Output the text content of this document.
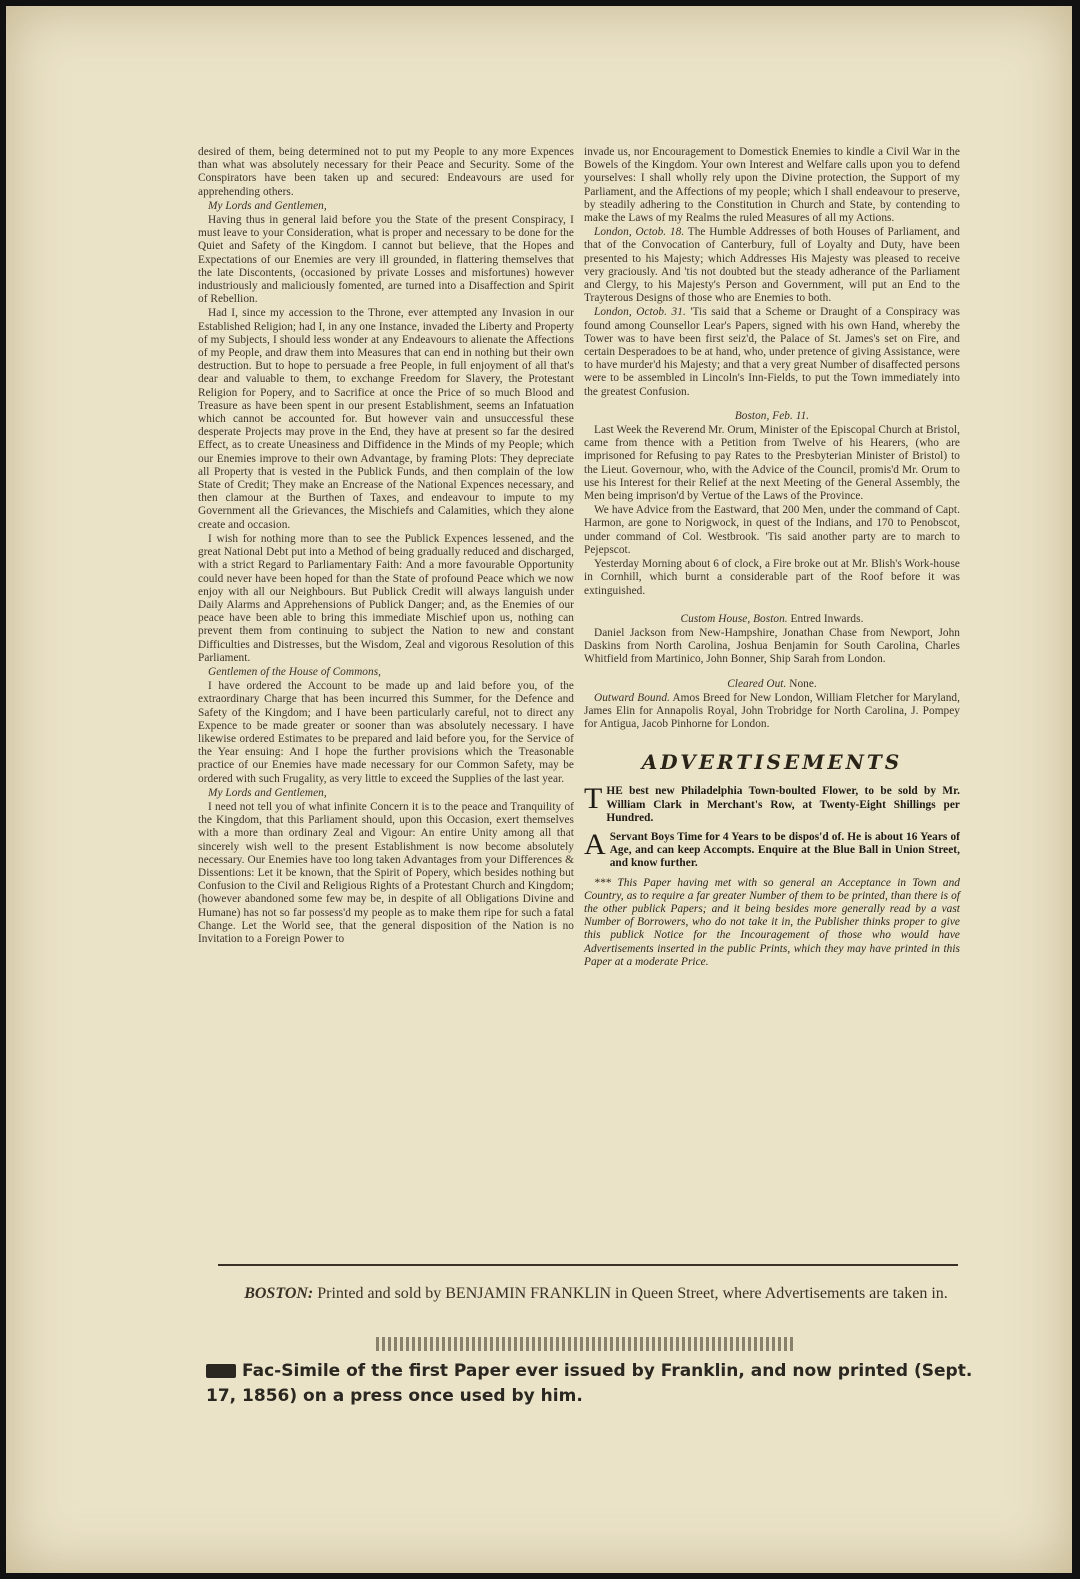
desired of them, being determined not to put my People to any more Expences than what was absolutely necessary for their Peace and Security. Some of the Conspirators have been taken up and secured: Endeavours are used for apprehending others.

My Lords and Gentlemen,

Having thus in general laid before you the State of the present Conspiracy, I must leave to your Consideration, what is proper and necessary to be done for the Quiet and Safety of the Kingdom. I cannot but believe, that the Hopes and Expectations of our Enemies are very ill grounded, in flattering themselves that the late Discontents, (occasioned by private Losses and misfortunes) however industriously and maliciously fomented, are turned into a Disaffection and Spirit of Rebellion.

Had I, since my accession to the Throne, ever attempted any Invasion in our Established Religion; had I, in any one Instance, invaded the Liberty and Property of my Subjects, I should less wonder at any Endeavours to alienate the Affections of my People, and draw them into Measures that can end in nothing but their own destruction. But to hope to persuade a free People, in full enjoyment of all that's dear and valuable to them, to exchange Freedom for Slavery, the Protestant Religion for Popery, and to Sacrifice at once the Price of so much Blood and Treasure as have been spent in our present Establishment, seems an Infatuation which cannot be accounted for. But however vain and unsuccessful these desperate Projects may prove in the End, they have at present so far the desired Effect, as to create Uneasiness and Diffidence in the Minds of my People; which our Enemies improve to their own Advantage, by framing Plots: They depreciate all Property that is vested in the Publick Funds, and then complain of the low State of Credit; They make an Encrease of the National Expences necessary, and then clamour at the Burthen of Taxes, and endeavour to impute to my Government all the Grievances, the Mischiefs and Calamities, which they alone create and occasion.

I wish for nothing more than to see the Publick Expences lessened, and the great National Debt put into a Method of being gradually reduced and discharged, with a strict Regard to Parliamentary Faith: And a more favourable Opportunity could never have been hoped for than the State of profound Peace which we now enjoy with all our Neighbours. But Publick Credit will always languish under Daily Alarms and Apprehensions of Publick Danger; and, as the Enemies of our peace have been able to bring this immediate Mischief upon us, nothing can prevent them from continuing to subject the Nation to new and constant Difficulties and Distresses, but the Wisdom, Zeal and vigorous Resolution of this Parliament.

Gentlemen of the House of Commons,

I have ordered the Account to be made up and laid before you, of the extraordinary Charge that has been incurred this Summer, for the Defence and Safety of the Kingdom; and I have been particularly careful, not to direct any Expence to be made greater or sooner than was absolutely necessary. I have likewise ordered Estimates to be prepared and laid before you, for the Service of the Year ensuing: And I hope the further provisions which the Treasonable practice of our Enemies have made necessary for our Common Safety, may be ordered with such Frugality, as very little to exceed the Supplies of the last year.

My Lords and Gentlemen,

I need not tell you of what infinite Concern it is to the peace and Tranquility of the Kingdom, that this Parliament should, upon this Occasion, exert themselves with a more than ordinary Zeal and Vigour: An entire Unity among all that sincerely wish well to the present Establishment is now become absolutely necessary. Our Enemies have too long taken Advantages from your Differences & Dissentions: Let it be known, that the Spirit of Popery, which besides nothing but Confusion to the Civil and Religious Rights of a Protestant Church and Kingdom; (however abandoned some few may be, in despite of all Obligations Divine and Humane) has not so far possess'd my people as to make them ripe for such a fatal Change. Let the World see, that the general disposition of the Nation is no Invitation to a Foreign Power to

invade us, nor Encouragement to Domestick Enemies to kindle a Civil War in the Bowels of the Kingdom. Your own Interest and Welfare calls upon you to defend yourselves: I shall wholly rely upon the Divine protection, the Support of my Parliament, and the Affections of my people; which I shall endeavour to preserve, by steadily adhering to the Constitution in Church and State, by contending to make the Laws of my Realms the ruled Measures of all my Actions.

London, Octob. 18. The Humble Addresses of both Houses of Parliament, and that of the Convocation of Canterbury, full of Loyalty and Duty, have been presented to his Majesty; which Addresses His Majesty was pleased to receive very graciously. And 'tis not doubted but the steady adherance of the Parliament and Clergy, to his Majesty's Person and Government, will put an End to the Trayterous Designs of those who are Enemies to both.

London, Octob. 31. 'Tis said that a Scheme or Draught of a Conspiracy was found among Counsellor Lear's Papers, signed with his own Hand, whereby the Tower was to have been first seiz'd, the Palace of St. James's set on Fire, and certain Desperadoes to be at hand, who, under pretence of giving Assistance, were to have murder'd his Majesty; and that a very great Number of disaffected persons were to be assembled in Lincoln's Inn-Fields, to put the Town immediately into the greatest Confusion.

Boston, Feb. 11.

Last Week the Reverend Mr. Orum, Minister of the Episcopal Church at Bristol, came from thence with a Petition from Twelve of his Hearers, (who are imprisoned for Refusing to pay Rates to the Presbyterian Minister of Bristol) to the Lieut. Governour, who, with the Advice of the Council, promis'd Mr. Orum to use his Interest for their Relief at the next Meeting of the General Assembly, the Men being imprison'd by Vertue of the Laws of the Province.

We have Advice from the Eastward, that 200 Men, under the command of Capt. Harmon, are gone to Norigwock, in quest of the Indians, and 170 to Penobscot, under command of Col. Westbrook. 'Tis said another party are to march to Pejepscot.

Yesterday Morning about 6 of clock, a Fire broke out at Mr. Blish's Work-house in Cornhill, which burnt a considerable part of the Roof before it was extinguished.

Custom House, Boston. Entred Inwards.

Daniel Jackson from New-Hampshire, Jonathan Chase from Newport, John Daskins from North Carolina, Joshua Benjamin for South Carolina, Charles Whitfield from Martinico, John Bonner, Ship Sarah from London.

Cleared Out. None.

Outward Bound. Amos Breed for New London, William Fletcher for Maryland, James Elin for Annapolis Royal, John Trobridge for North Carolina, J. Pompey for Antigua, Jacob Pinhorne for London.

ADVERTISEMENTS

THE best new Philadelphia Town-boulted Flower, to be sold by Mr. William Clark in Merchant's Row, at Twenty-Eight Shillings per Hundred.

A Servant Boys Time for 4 Years to be dispos'd of. He is about 16 Years of Age, and can keep Accompts. Enquire at the Blue Ball in Union Street, and know further.

*** This Paper having met with so general an Acceptance in Town and Country, as to require a far greater Number of them to be printed, than there is of the other publick Papers; and it being besides more generally read by a vast Number of Borrowers, who do not take it in, the Publisher thinks proper to give this publick Notice for the Incouragement of those who would have Advertisements inserted in the public Prints, which they may have printed in this Paper at a moderate Price.

BOSTON: Printed and sold by BENJAMIN FRANKLIN in Queen Street, where Advertisements are taken in.
Fac-Simile of the first Paper ever issued by Franklin, and now printed (Sept. 17, 1856) on a press once used by him.
